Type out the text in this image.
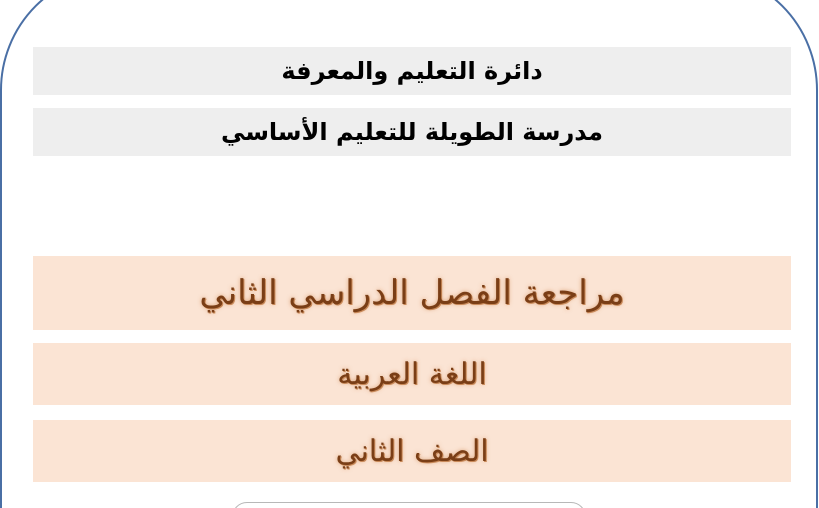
دائرة التعليم والمعرفة
مدرسة الطويلة للتعليم الأساسي
مراجعة الفصل الدراسي الثاني
اللغة العربية
الصف الثاني
